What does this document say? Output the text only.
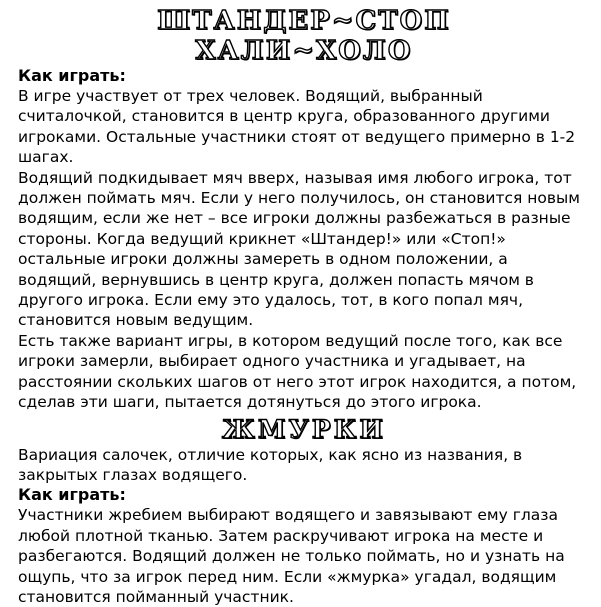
ШТАНДЕР~СТОП
ХАЛИ~ХОЛО

Как играть:

В игре участвует от трех человек. Водящий, выбранный считалочкой, становится в центр круга, образованного другими игроками. Остальные участники стоят от ведущего примерно в 1-2 шагах.

Водящий подкидывает мяч вверх, называя имя любого игрока, тот должен поймать мяч. Если у него получилось, он становится новым водящим, если же нет – все игроки должны разбежаться в разные стороны. Когда ведущий крикнет «Штандер!» или «Стоп!» остальные игроки должны замереть в одном положении, а водящий, вернувшись в центр круга, должен попасть мячом в другого игрока. Если ему это удалось, тот, в кого попал мяч, становится новым ведущим.

Есть также вариант игры, в котором ведущий после того, как все игроки замерли, выбирает одного участника и угадывает, на расстоянии скольких шагов от него этот игрок находится, а потом, сделав эти шаги, пытается дотянуться до этого игрока.

ЖМУРКИ

Вариация салочек, отличие которых, как ясно из названия, в закрытых глазах водящего.

Как играть:

Участники жребием выбирают водящего и завязывают ему глаза любой плотной тканью. Затем раскручивают игрока на месте и разбегаются. Водящий должен не только поймать, но и узнать на ощупь, что за игрок перед ним. Если «жмурка» угадал, водящим становится пойманный участник.
